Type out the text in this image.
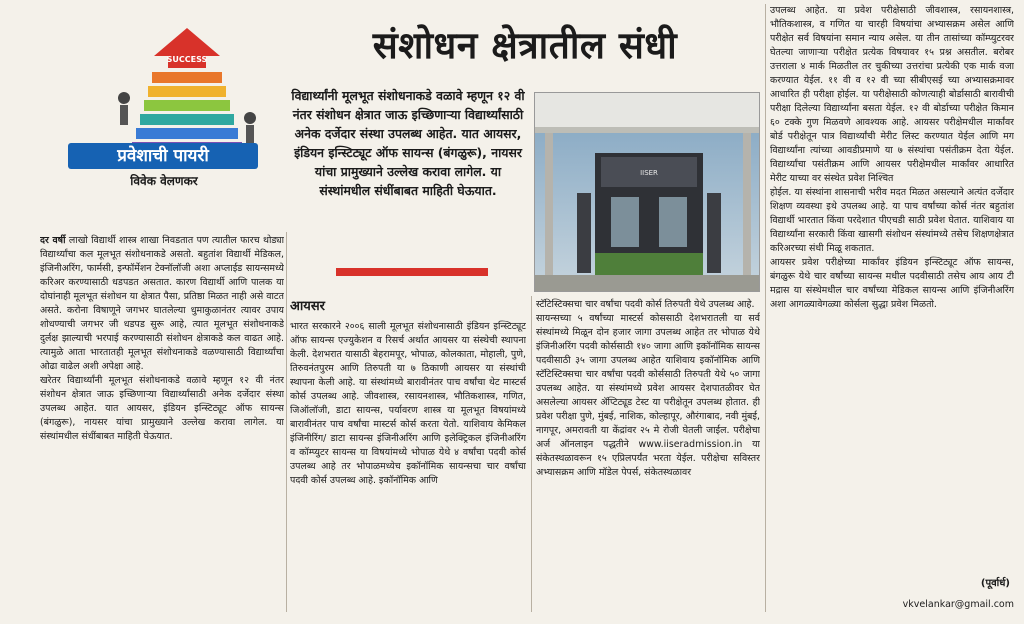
SUCCESS
प्रवेशाची पायरी
विवेक वेलणकर
संशोधन क्षेत्रातील संधी
विद्यार्थ्यांनी मूलभूत संशोधनाकडे वळावे म्हणून १२ वी नंतर संशोधन क्षेत्रात जाऊ इच्छिणाऱ्या विद्यार्थ्यांसाठी अनेक दर्जेदार संस्था उपलब्ध आहेत. यात आयसर, इंडियन इन्स्टिट्यूट ऑफ सायन्स (बंगळुरू), नायसर यांचा प्रामुख्याने उल्लेख करावा लागेल. या संस्थांमधील संधींबाबत माहिती घेऊयात.
IISER
दर वर्षी लाखो विद्यार्थी शास्त्र शाखा निवडतात पण त्यातील फारच थोड्या विद्यार्थ्यांचा कल मूलभूत संशोधनाकडे असतो. बहुतांश विद्यार्थी मेडिकल, इंजिनीअरिंग, फार्मसी, इन्फॉर्मेशन टेक्नॉलॉजी अशा अप्लाईड सायन्समध्ये करिअर करण्यासाठी धडपडत असतात. कारण विद्यार्थी आणि पालक या दोघांनाही मूलभूत संशोधन या क्षेत्रात पैसा, प्रतिष्ठा मिळत नाही असे वाटत असते. करोना विषाणूने जगभर घातलेल्या धुमाकुळानंतर त्यावर उपाय शोधण्याची जगभर जी धडपड सुरू आहे, त्यात मूलभूत संशोधनाकडे दुर्लक्ष झाल्याची भरपाई करण्यासाठी संशोधन क्षेत्राकडे कल वाढत आहे. त्यामुळे आता भारतातही मूलभूत संशोधनाकडे वळण्यासाठी विद्यार्थ्यांचा ओढा वाढेल अशी अपेक्षा आहे.
खरेतर विद्यार्थ्यांनी मूलभूत संशोधनाकडे वळावे म्हणून १२ वी नंतर संशोधन क्षेत्रात जाऊ इच्छिणाऱ्या विद्यार्थ्यांसाठी अनेक दर्जेदार संस्था उपलब्ध आहेत. यात आयसर, इंडियन इन्स्टिट्यूट ऑफ सायन्स (बंगळुरू), नायसर यांचा प्रामुख्याने उल्लेख करावा लागेल. या संस्थांमधील संधींबाबत माहिती घेऊयात.
आयसर
भारत सरकारने २००६ साली मूलभूत संशोधनासाठी इंडियन इन्स्टिट्यूट ऑफ सायन्स एज्युकेशन व रिसर्च अर्थात आयसर या संस्थेची स्थापना केली. देशभरात यासाठी बेहरामपूर, भोपाळ, कोलकाता, मोहाली, पुणे, तिरुवनंतपुरम आणि तिरुपती या ७ ठिकाणी आयसर या संस्थांची स्थापना केली आहे. या संस्थांमध्ये बारावीनंतर पाच वर्षांचा थेट मास्टर्स कोर्स उपलब्ध आहे. जीवशास्त्र, रसायनशास्त्र, भौतिकशास्त्र, गणित, जिऑलॉजी, डाटा सायन्स, पर्यावरण शास्त्र या मूलभूत विषयांमध्ये बारावीनंतर पाच वर्षांचा मास्टर्स कोर्स करता येतो. याशिवाय केमिकल इंजिनीरिंग/ डाटा सायन्स इंजिनीअरिंग आणि इलेक्ट्रिकल इंजिनीअरिंग व कॉम्प्युटर सायन्स या विषयांमध्ये भोपाळ येथे ४ वर्षांचा पदवी कोर्स उपलब्ध आहे तर भोपाळमध्येच इकॉनॉमिक सायन्सचा चार वर्षांचा पदवी कोर्स उपलब्ध आहे. इकॉनॉमिक आणि
स्टॅटिस्टिक्सचा चार वर्षांचा पदवी कोर्स तिरुपती येथे उपलब्ध आहे.
सायन्सच्या ५ वर्षांच्या मास्टर्स कोससाठी देशभरातली या सर्व संस्थांमध्ये मिळून दोन हजार जागा उपलब्ध आहेत तर भोपाळ येथे इंजिनीअरिंग पदवी कोर्ससाठी १४० जागा आणि इकॉनॉमिक सायन्स पदवीसाठी ३५ जागा उपलब्ध आहेत याशिवाय इकॉनॉमिक आणि स्टॅटिस्टिक्सचा चार वर्षांचा पदवी कोर्ससाठी तिरुपती येथे ५० जागा उपलब्ध आहेत. या संस्थांमध्ये प्रवेश आयसर देशपातळीवर घेत असलेल्या आयसर ॲप्टिट्यूड टेस्ट या परीक्षेतून उपलब्ध होतात. ही प्रवेश परीक्षा पुणे, मुंबई, नाशिक, कोल्हापूर, औरंगाबाद, नवी मुंबई, नागपूर, अमरावती या केंद्रांवर २५ मे रोजी घेतली जाईल. परीक्षेचा अर्ज ऑनलाइन पद्धतीने www.iiseradmission.in या संकेतस्थळावरून १५ एप्रिलपर्यंत भरता येईल. परीक्षेचा सविस्तर अभ्यासक्रम आणि मॉडेल पेपर्स, संकेतस्थळावर
उपलब्ध आहेत. या प्रवेश परीक्षेसाठी जीवशास्त्र, रसायनशास्त्र, भौतिकशास्त्र, व गणित या चारही विषयांचा अभ्यासक्रम असेल आणि परीक्षेत सर्व विषयांना समान न्याय असेल. या तीन तासांच्या कॉम्प्युटरवर घेतल्या जाणाऱ्या परीक्षेत प्रत्येक विषयावर १५ प्रश्न असतील. बरोबर उत्तराला ४ मार्क मिळतील तर चुकीच्या उत्तरांचा प्रत्येकी एक मार्क वजा करण्यात येईल. ११ वी व १२ वी च्या सीबीएसई च्या अभ्यासक्रमावर आधारित ही परीक्षा होईल. या परीक्षेसाठी कोणत्याही बोर्डासाठी बारावीची परीक्षा दिलेल्या विद्यार्थ्यांना बसता येईल. १२ वी बोर्डाच्या परीक्षेत किमान ६० टक्के गुण मिळवणे आवश्यक आहे. आयसर परीक्षेमधील मार्कांवर बोर्ड परीक्षेतून पात्र विद्यार्थ्यांची मेरीट लिस्ट करण्यात येईल आणि मग विद्यार्थ्यांना त्यांच्या आवडीप्रमाणे या ७ संस्थांचा पसंतीक्रम देता येईल. विद्यार्थ्यांचा पसंतीक्रम आणि आयसर परीक्षेमधील मार्कांवर आधारित मेरीट याच्या वर संस्थेत प्रवेश निश्चित
होईल. या संस्थांना शासनाची भरीव मदत मिळत असल्याने अत्यंत दर्जेदार शिक्षण व्यवस्था इथे उपलब्ध आहे. या पाच वर्षांच्या कोर्स नंतर बहुतांश विद्यार्थी भारतात किंवा परदेशात पीएचडी साठी प्रवेश घेतात. याशिवाय या विद्यार्थ्यांना सरकारी किंवा खासगी संशोधन संस्थांमध्ये तसेच शिक्षणक्षेत्रात करिअरच्या संधी मिळू शकतात.
आयसर प्रवेश परीक्षेच्या मार्कांवर इंडियन इन्स्टिट्यूट ऑफ सायन्स, बंगळुरू येथे चार वर्षांच्या सायन्स मधील पदवीसाठी तसेच आय आय टी मद्रास या संस्थेमधील चार वर्षांच्या मेडिकल सायन्स आणि इंजिनीअरिंग अशा आगळ्यावेगळ्या कोर्सला सुद्धा प्रवेश मिळतो.
(पूर्वार्ध)
vkvelankar@gmail.com
